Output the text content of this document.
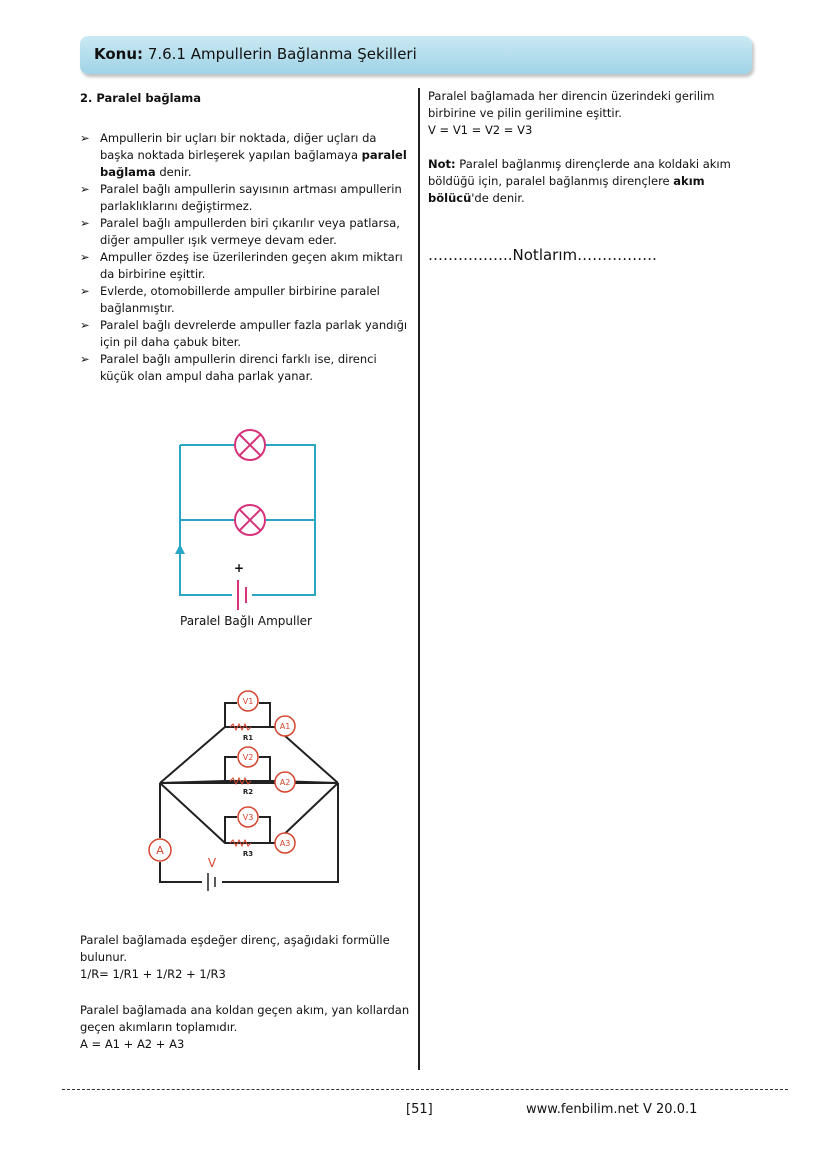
Konu: 7.6.1 Ampullerin Bağlanma Şekilleri
2. Paralel bağlama
➢ Ampullerin bir uçları bir noktada, diğer uçları da başka noktada birleşerek yapılan bağlamaya paralel bağlama denir.
➢ Paralel bağlı ampullerin sayısının artması ampullerin parlaklıklarını değiştirmez.
➢ Paralel bağlı ampullerden biri çıkarılır veya patlarsa, diğer ampuller ışık vermeye devam eder.
➢ Ampuller özdeş ise üzerilerinden geçen akım miktarı da birbirine eşittir.
➢ Evlerde, otomobillerde ampuller birbirine paralel bağlanmıştır.
➢ Paralel bağlı devrelerde ampuller fazla parlak yandığı için pil daha çabuk biter.
➢ Paralel bağlı ampullerin direnci farklı ise, direnci küçük olan ampul daha parlak yanar.
+
Paralel Bağlı Ampuller
V1
A1
V2
A2
V3
A3
A
V
R1
R2
R3
Paralel bağlamada eşdeğer direnç, aşağıdaki formülle bulunur.
1/R= 1/R1 + 1/R2 + 1/R3
Paralel bağlamada ana koldan geçen akım, yan kollardan geçen akımların toplamıdır.
A = A1 + A2 + A3
Paralel bağlamada her direncin üzerindeki gerilim birbirine ve pilin gerilimine eşittir.
V = V1 = V2 = V3
Not: Paralel bağlanmış dirençlerde ana koldaki akım böldüğü için, paralel bağlanmış dirençlere akım bölücü'de denir.
……………..Notlarım…………….
[51]	www.fenbilim.net V 20.0.1
